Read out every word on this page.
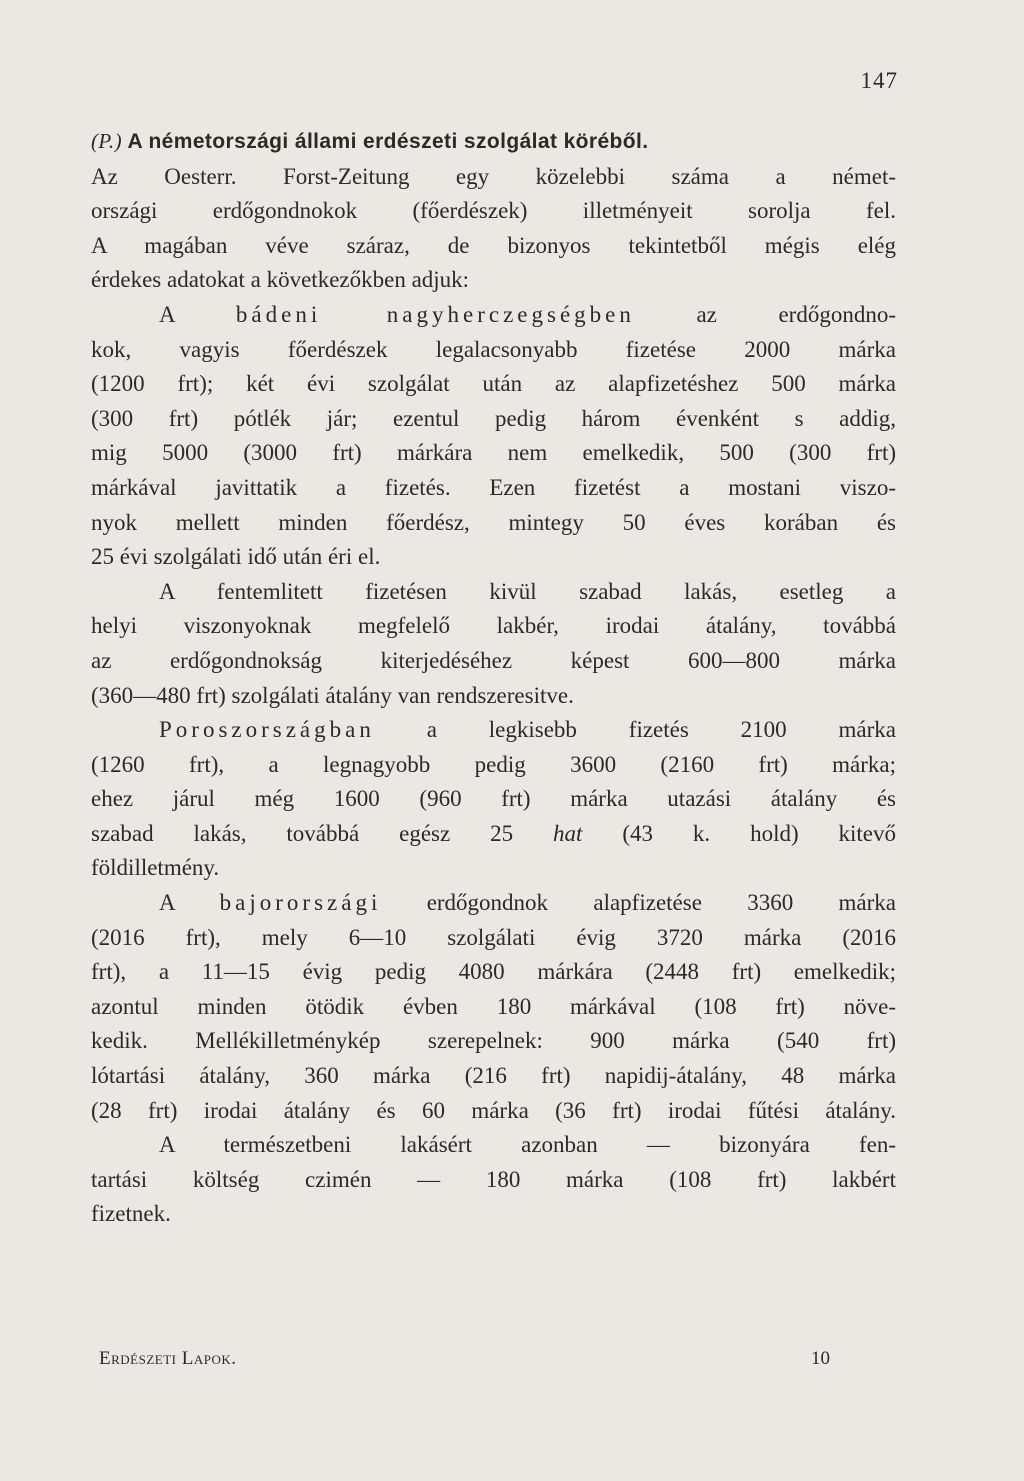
147
(P.) A németországi állami erdészeti szolgálat köréből.
Az Oesterr. Forst-Zeitung egy közelebbi száma a német-
országi erdőgondnokok (főerdészek) illetményeit sorolja fel.
A magában véve száraz, de bizonyos tekintetből mégis elég
érdekes adatokat a következőkben adjuk:
A	bádeni nagyherczegségben	az erdőgondno-
kok, vagyis főerdészek legalacsonyabb fizetése 2000 márka
(1200 frt); két évi szolgálat után az alapfizetéshez 500 márka
(300 frt) pótlék jár; ezentul pedig három évenként s addig,
mig 5000 (3000 frt) márkára nem emelkedik, 500 (300 frt)
márkával javittatik a fizetés. Ezen fizetést a mostani viszo-
nyok mellett minden főerdész, mintegy 50 éves korában és
25 évi szolgálati idő után éri el.
A fentemlitett fizetésen kivül szabad lakás, esetleg a
helyi viszonyoknak megfelelő lakbér, irodai átalány, továbbá
az erdőgondnokság kiterjedéséhez képest 600—800 márka
(360—480 frt) szolgálati átalány van rendszeresitve.
Poroszországban a legkisebb fizetés 2100 márka
(1260 frt), a legnagyobb pedig 3600 (2160 frt) márka;
ehez járul még 1600 (960 frt) márka utazási átalány és
szabad lakás, továbbá egész 25 hat (43 k. hold) kitevő
földilletmény.
A bajorországi erdőgondnok alapfizetése 3360 márka
(2016 frt), mely 6—10 szolgálati évig 3720 márka (2016
frt), a 11—15 évig pedig 4080 márkára (2448 frt) emelkedik;
azontul minden ötödik évben 180 márkával (108 frt) növe-
kedik. Mellékilletménykép szerepelnek: 900 márka (540 frt)
lótartási átalány, 360 márka (216 frt) napidij-átalány, 48 márka
(28 frt) irodai átalány és 60 márka (36 frt) irodai fűtési átalány.
A természetbeni lakásért azonban — bizonyára fen-
tartási költség czimén — 180 márka (108 frt) lakbért
fizetnek.
Erdészeti Lapok.	10
